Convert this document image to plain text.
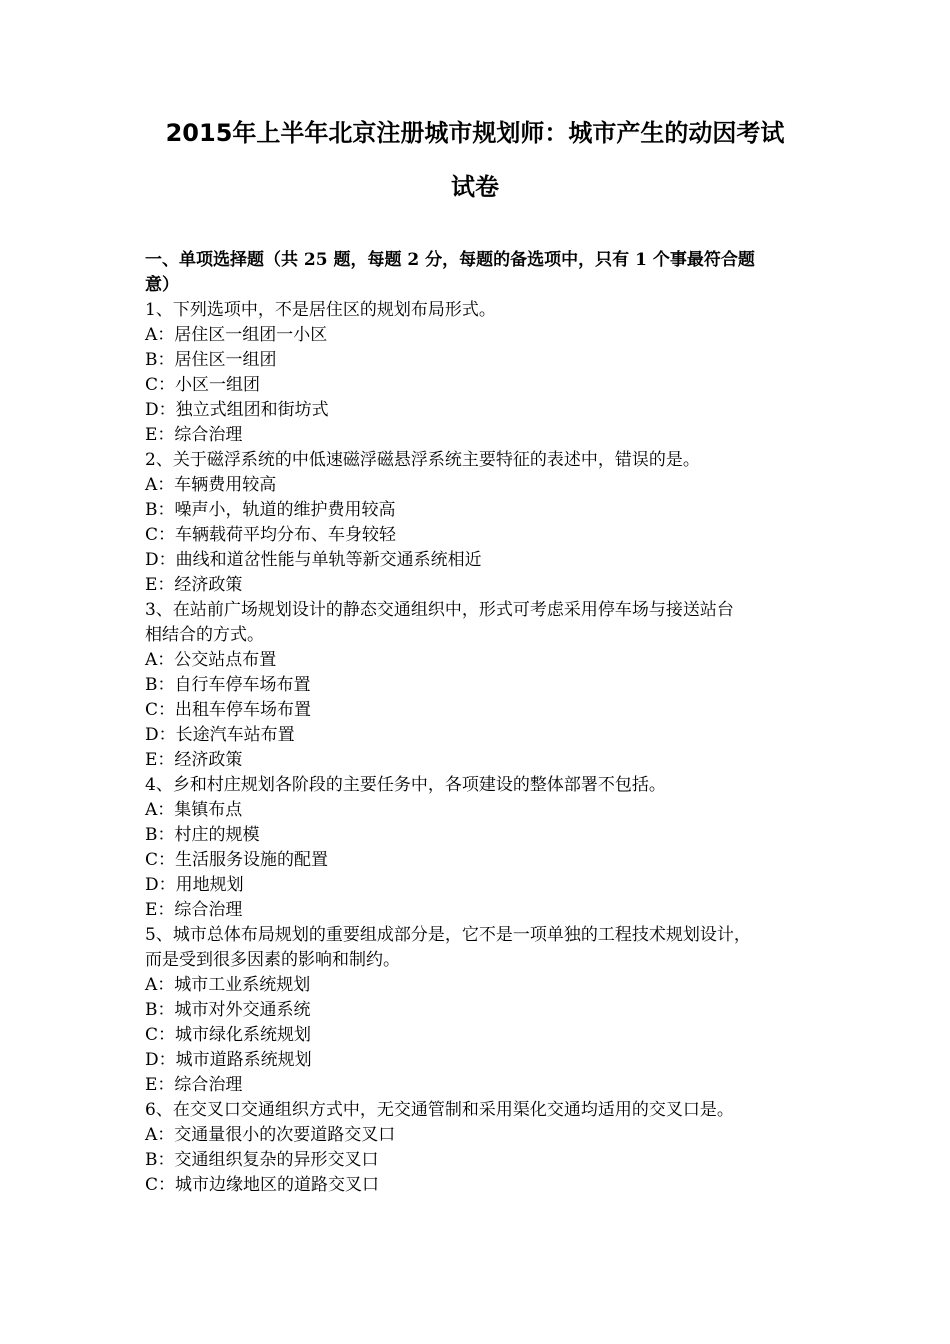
2015年上半年北京注册城市规划师：城市产生的动因考试
试卷

一、单项选择题（共 25 题，每题 2 分，每题的备选项中，只有 1 个事最符合题

意）

1、下列选项中，不是居住区的规划布局形式。

A：居住区一组团一小区

B：居住区一组团

C：小区一组团

D：独立式组团和街坊式

E：综合治理

2、关于磁浮系统的中低速磁浮磁悬浮系统主要特征的表述中，错误的是。

A：车辆费用较高

B：噪声小，轨道的维护费用较高

C：车辆载荷平均分布、车身较轻

D：曲线和道岔性能与单轨等新交通系统相近

E：经济政策

3、在站前广场规划设计的静态交通组织中，形式可考虑采用停车场与接送站台

相结合的方式。

A：公交站点布置

B：自行车停车场布置

C：出租车停车场布置

D：长途汽车站布置

E：经济政策

4、乡和村庄规划各阶段的主要任务中，各项建设的整体部署不包括。

A：集镇布点

B：村庄的规模

C：生活服务设施的配置

D：用地规划

E：综合治理

5、城市总体布局规划的重要组成部分是，它不是一项单独的工程技术规划设计，

而是受到很多因素的影响和制约。

A：城市工业系统规划

B：城市对外交通系统

C：城市绿化系统规划

D：城市道路系统规划

E：综合治理

6、在交叉口交通组织方式中，无交通管制和采用渠化交通均适用的交叉口是。

A：交通量很小的次要道路交叉口

B：交通组织复杂的异形交叉口

C：城市边缘地区的道路交叉口
